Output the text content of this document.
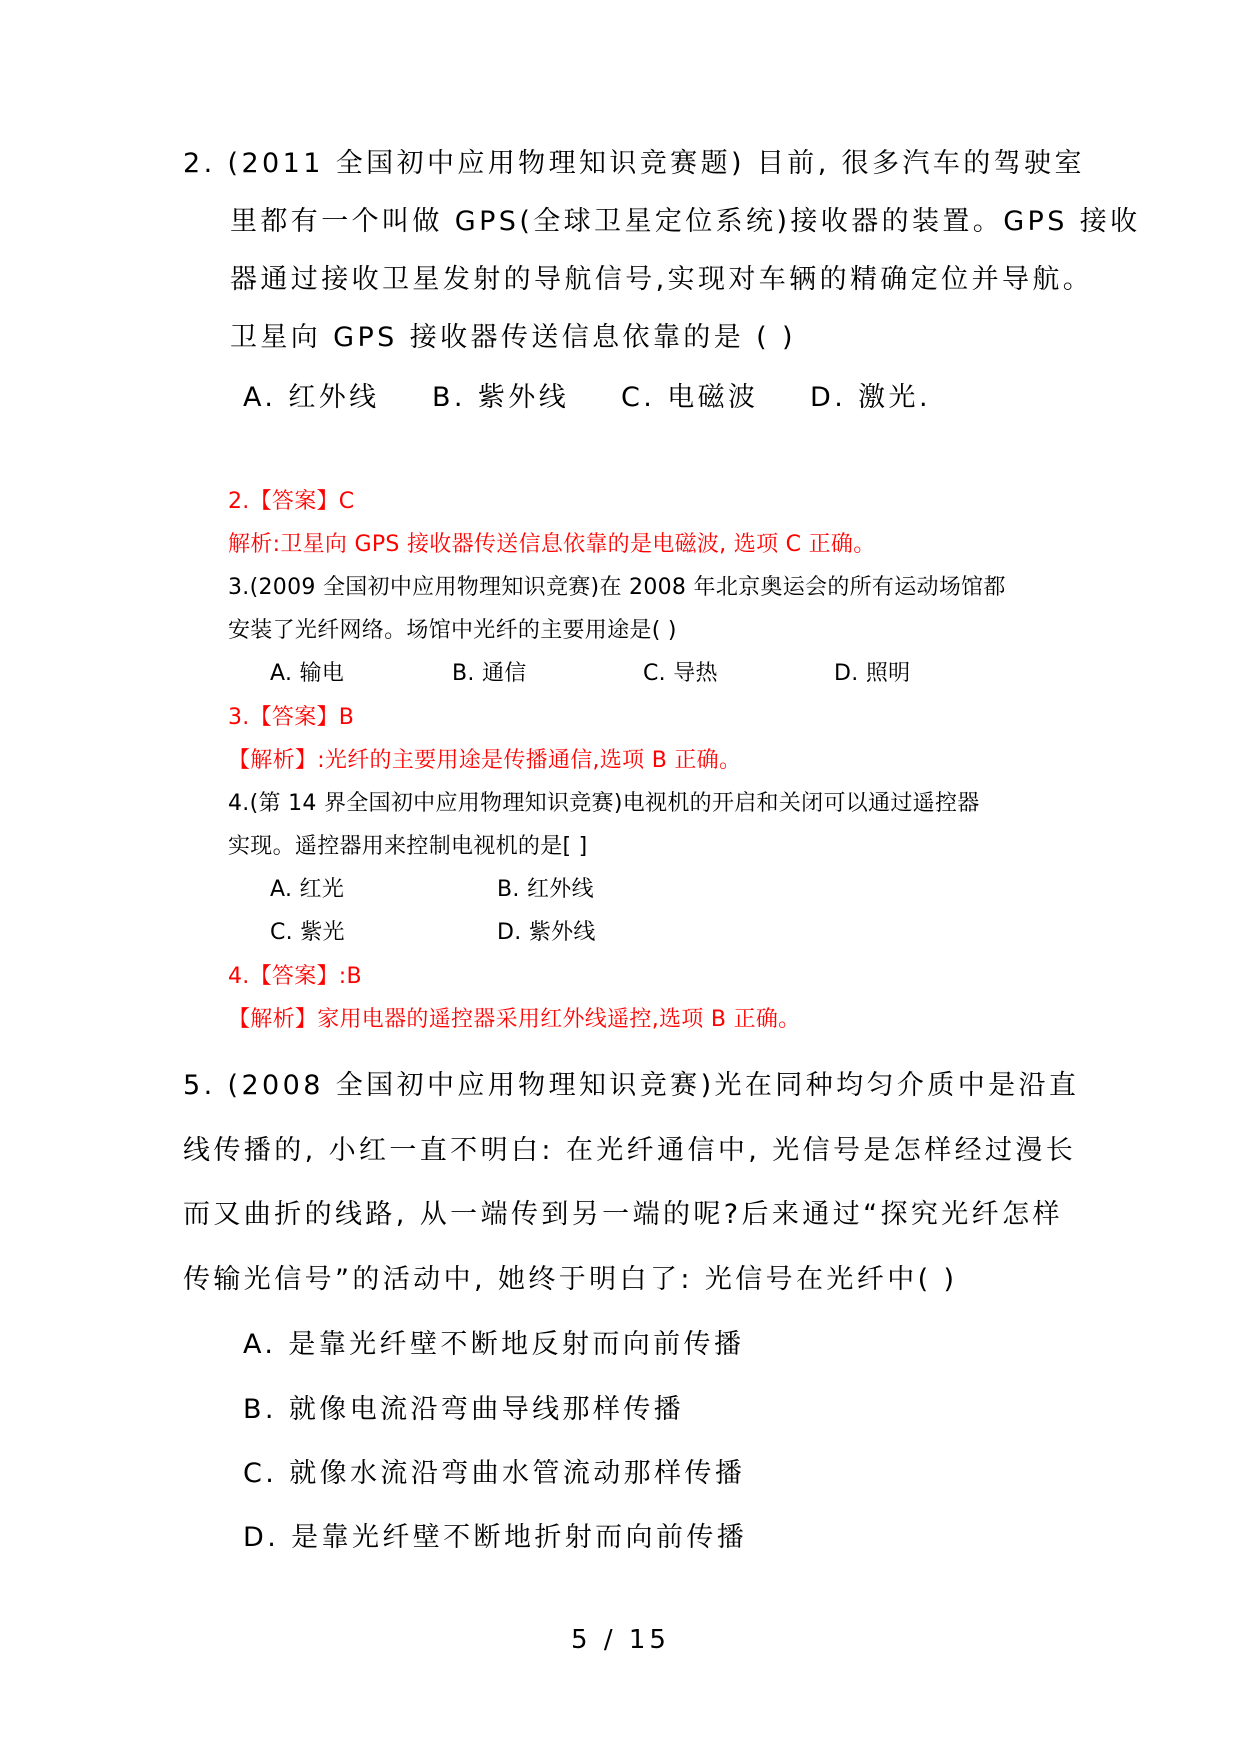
2. (2011 全国初中应用物理知识竞赛题) 目前, 很多汽车的驾驶室
里都有一个叫做 GPS(全球卫星定位系统)接收器的装置。GPS 接收
器通过接收卫星发射的导航信号,实现对车辆的精确定位并导航。
卫星向 GPS 接收器传送信息依靠的是 ( )
A. 红外线 B. 紫外线 C. 电磁波 D. 激光.
2.【答案】C
解析:卫星向 GPS 接收器传送信息依靠的是电磁波, 选项 C 正确。
3.(2009 全国初中应用物理知识竞赛)在 2008 年北京奥运会的所有运动场馆都
安装了光纤网络。场馆中光纤的主要用途是( )
A. 输电	B. 通信	C. 导热	D. 照明
3.【答案】B
【解析】:光纤的主要用途是传播通信,选项 B 正确。
4.(第 14 界全国初中应用物理知识竞赛)电视机的开启和关闭可以通过遥控器
实现。遥控器用来控制电视机的是[ ]
A. 红光	B. 红外线
C. 紫光	D. 紫外线
4.【答案】:B
【解析】家用电器的遥控器采用红外线遥控,选项 B 正确。
5. (2008 全国初中应用物理知识竞赛)光在同种均匀介质中是沿直
线传播的, 小红一直不明白: 在光纤通信中, 光信号是怎样经过漫长
而又曲折的线路, 从一端传到另一端的呢?后来通过“探究光纤怎样
传输光信号”的活动中, 她终于明白了: 光信号在光纤中( )
A. 是靠光纤壁不断地反射而向前传播
B. 就像电流沿弯曲导线那样传播
C. 就像水流沿弯曲水管流动那样传播
D. 是靠光纤壁不断地折射而向前传播
5 / 15
